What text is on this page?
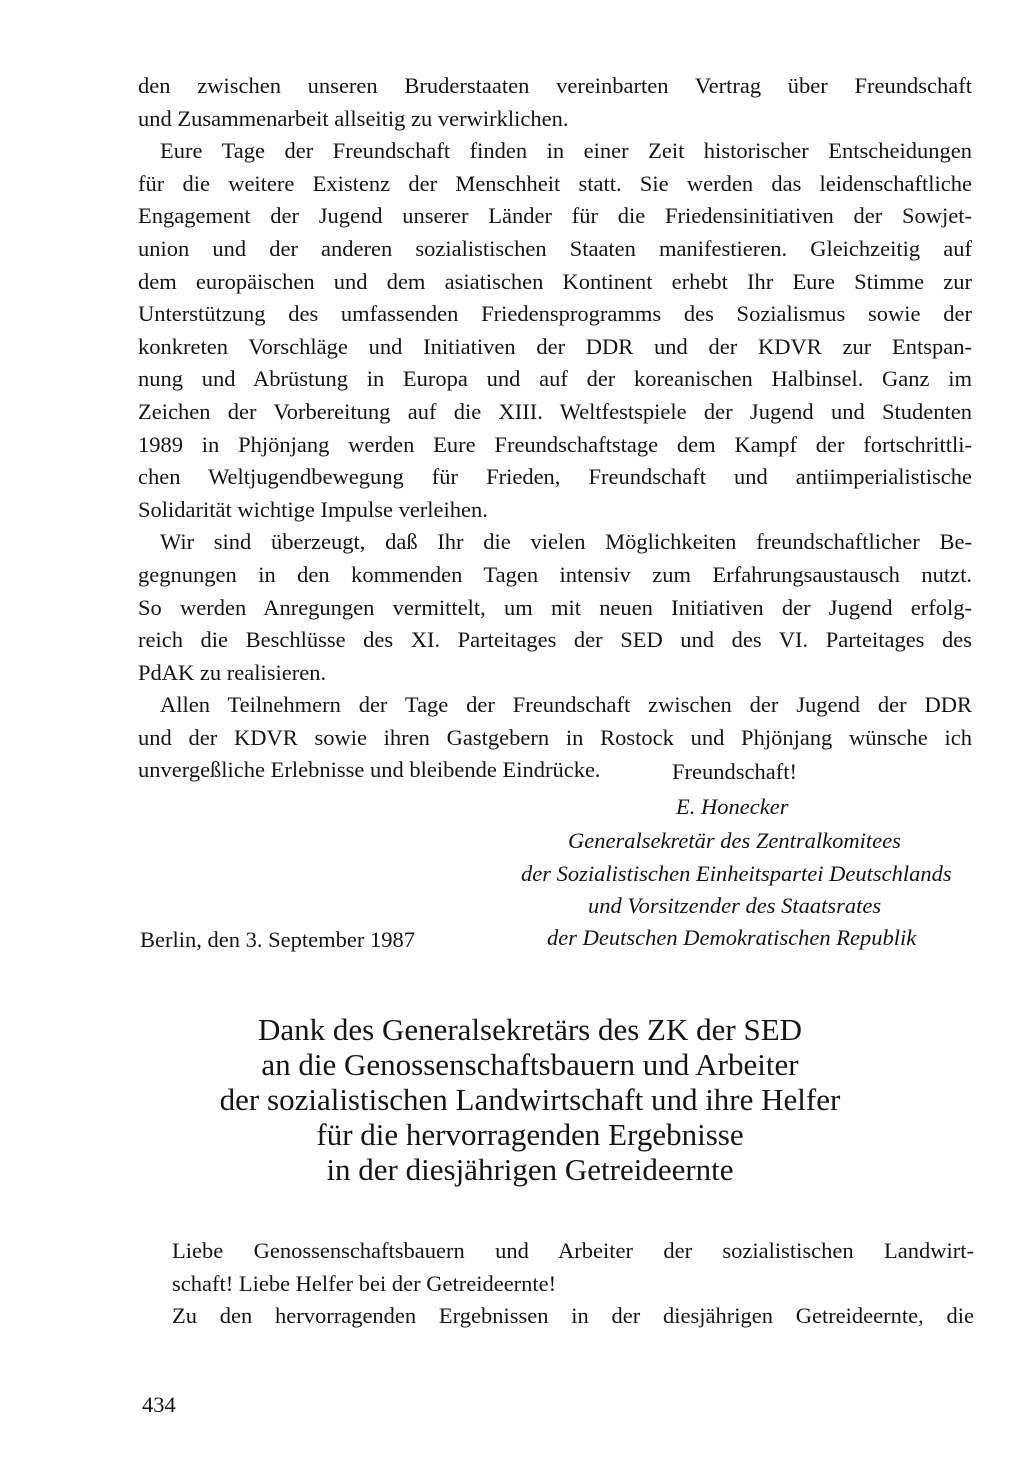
den zwischen unseren Bruderstaaten vereinbarten Vertrag über Freundschaft
und Zusammenarbeit allseitig zu verwirklichen.
Eure Tage der Freundschaft finden in einer Zeit historischer Entscheidungen
für die weitere Existenz der Menschheit statt. Sie werden das leidenschaftliche
Engagement der Jugend unserer Länder für die Friedensinitiativen der Sowjet-
union und der anderen sozialistischen Staaten manifestieren. Gleichzeitig auf
dem europäischen und dem asiatischen Kontinent erhebt Ihr Eure Stimme zur
Unterstützung des umfassenden Friedensprogramms des Sozialismus sowie der
konkreten Vorschläge und Initiativen der DDR und der KDVR zur Entspan-
nung und Abrüstung in Europa und auf der koreanischen Halbinsel. Ganz im
Zeichen der Vorbereitung auf die XIII. Weltfestspiele der Jugend und Studenten
1989 in Phjönjang werden Eure Freundschaftstage dem Kampf der fortschrittli-
chen Weltjugendbewegung für Frieden, Freundschaft und antiimperialistische
Solidarität wichtige Impulse verleihen.
Wir sind überzeugt, daß Ihr die vielen Möglichkeiten freundschaftlicher Be-
gegnungen in den kommenden Tagen intensiv zum Erfahrungsaustausch nutzt.
So werden Anregungen vermittelt, um mit neuen Initiativen der Jugend erfolg-
reich die Beschlüsse des XI. Parteitages der SED und des VI. Parteitages des
PdAK zu realisieren.
Allen Teilnehmern der Tage der Freundschaft zwischen der Jugend der DDR
und der KDVR sowie ihren Gastgebern in Rostock und Phjönjang wünsche ich
unvergeßliche Erlebnisse und bleibende Eindrücke.	Freundschaft!
E. Honecker
Generalsekretär des Zentralkomitees
der Sozialistischen Einheitspartei Deutschlands
und Vorsitzender des Staatsrates
der Deutschen Demokratischen Republik
Berlin, den 3. September 1987
Dank des Generalsekretärs des ZK der SED
an die Genossenschaftsbauern und Arbeiter
der sozialistischen Landwirtschaft und ihre Helfer
für die hervorragenden Ergebnisse
in der diesjährigen Getreideernte
Liebe Genossenschaftsbauern und Arbeiter der sozialistischen Landwirt-
schaft! Liebe Helfer bei der Getreideernte!
Zu den hervorragenden Ergebnissen in der diesjährigen Getreideernte, die
434
